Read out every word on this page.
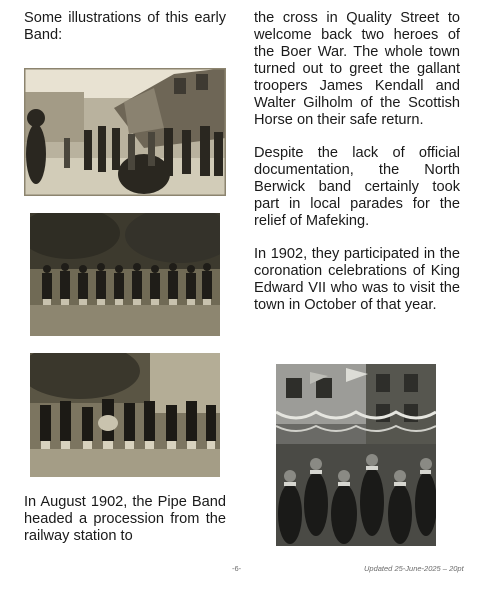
Some illustrations of this early Band:

In August 1902, the Pipe Band headed a procession from the railway station to

the cross in Quality Street to welcome back two heroes of the Boer War. The whole town turned out to greet the gallant troopers James Kendall and Walter Gilholm of the Scottish Horse on their safe return.

Despite the lack of official documentation, the North Berwick band certainly took part in local parades for the relief of Mafeking.

In 1902, they participated in the coronation celebrations of King Edward VII who was to visit the town in October of that year.

-6-	Updated 25-June-2025 – 20pt
